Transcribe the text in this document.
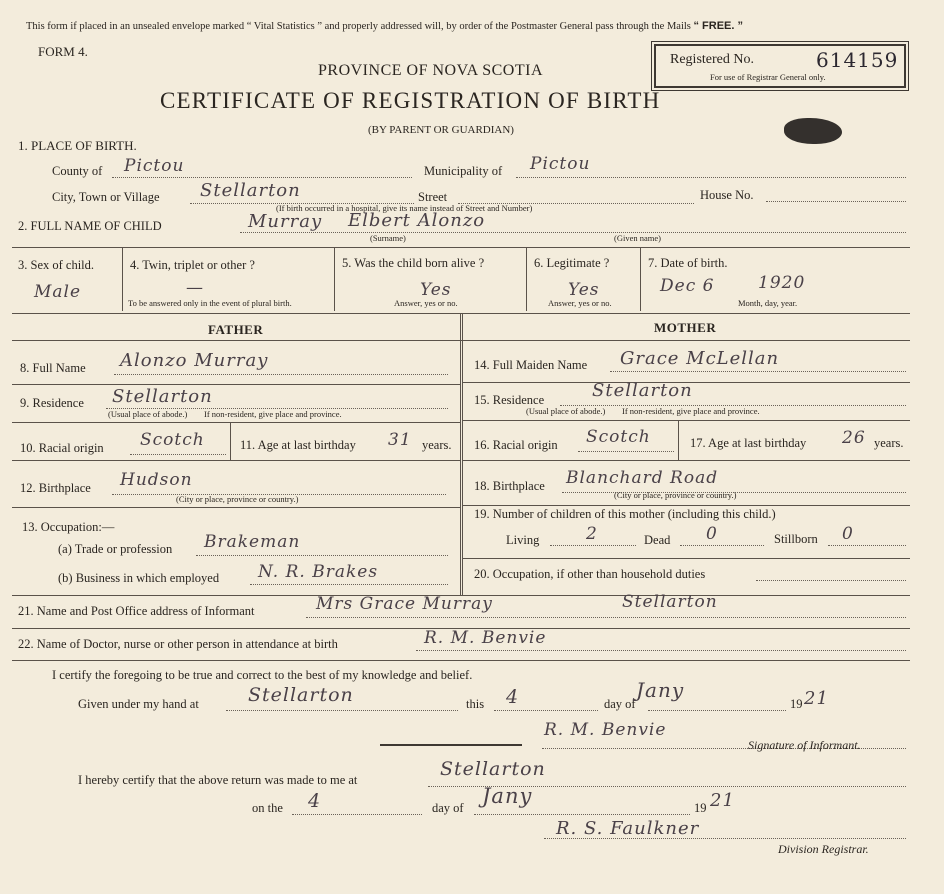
This form if placed in an unsealed envelope marked “ Vital Statistics ” and properly addressed will, by order of the Postmaster General pass through the Mails “ FREE. ”
FORM 4.
PROVINCE OF NOVA SCOTIA
CERTIFICATE OF REGISTRATION OF BIRTH
(BY PARENT OR GUARDIAN)
Registered No.	614159
For use of Registrar General only.
1. PLACE OF BIRTH.
County of Pictou	Municipality of Pictou
City, Town or Village Stellarton	Street	House No.
(If birth occurred in a hospital, give its name instead of Street and Number)
2. FULL NAME OF CHILD	Murray Elbert Alonzo
(Surname)	(Given name)
3. Sex of child.
Male
4. Twin, triplet or other ?
—
To be answered only in the event of plural birth.
5. Was the child born alive ?
Yes
Answer, yes or no.
6. Legitimate ?
Yes
Answer, yes or no.
7. Date of birth.
Dec 6	1920
Month, day, year.
FATHER	MOTHER
8. Full Name Alonzo Murray
9. Residence Stellarton
(Usual place of abode.) If non-resident, give place and province.
10. Racial origin Scotch	11. Age at last birthday 31 years.
12. Birthplace Hudson
(City or place, province or country.)
13. Occupation:—
(a) Trade or profession Brakeman
(b) Business in which employed N. R. Brakes
14. Full Maiden Name Grace McLellan
15. Residence	Stellarton
(Usual place of abode.) If non-resident, give place and province.
16. Racial origin Scotch	17. Age at last birthday 26 years.
18. Birthplace Blanchard Road
(City or place, province or country.)
19. Number of children of this mother (including this child.)
Living	2	Dead 0	Stillborn 0
20. Occupation, if other than household duties
21. Name and Post Office address of Informant	Mrs Grace Murray	Stellarton
22. Name of Doctor, nurse or other person in attendance at birth	R. M. Benvie
I certify the foregoing to be true and correct to the best of my knowledge and belief.
Given under my hand at	Stellarton	this 4	day of
Jany
19 21
R. M. Benvie
Signature of Informant.
I hereby certify that the above return was made to me at	Stellarton
on the 4	day of Jany	19 21
R. S. Faulkner
Division Registrar.
